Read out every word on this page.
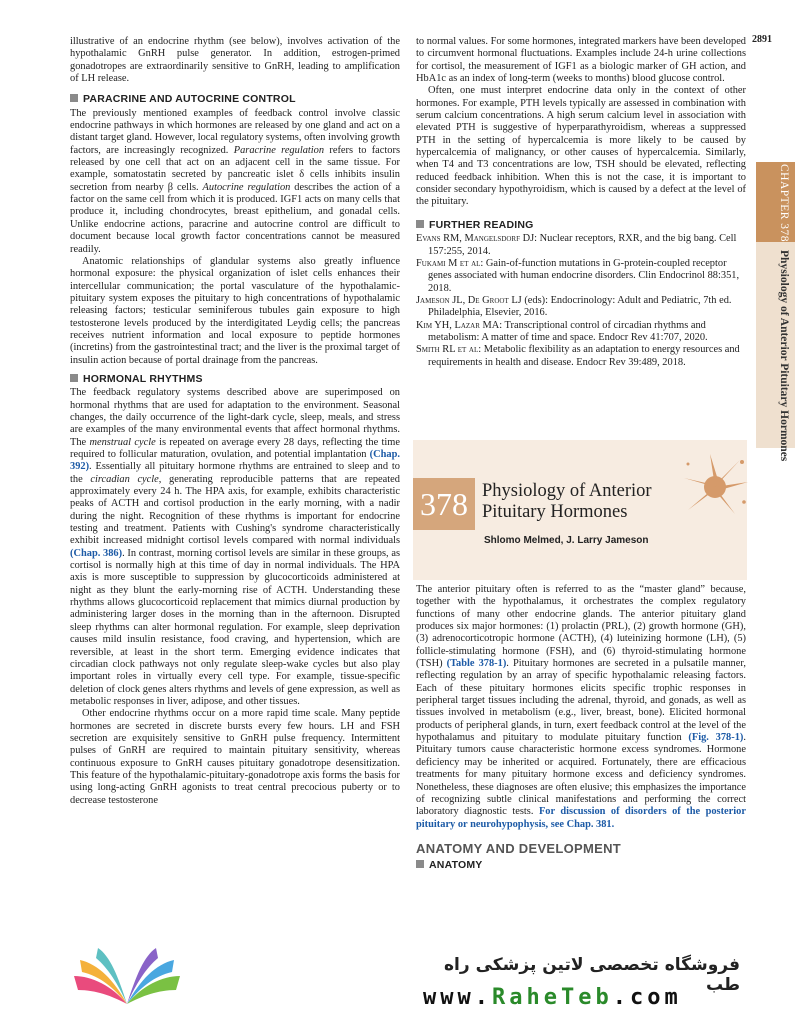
2891

illustrative of an endocrine rhythm (see below), involves activation of the hypothalamic GnRH pulse generator. In addition, estrogen-primed gonadotropes are extraordinarily sensitive to GnRH, leading to amplification of LH release.

PARACRINE AND AUTOCRINE CONTROL

The previously mentioned examples of feedback control involve classic endocrine pathways in which hormones are released by one gland and act on a distant target gland. However, local regulatory systems, often involving growth factors, are increasingly recognized. Paracrine regulation refers to factors released by one cell that act on an adjacent cell in the same tissue. For example, somatostatin secreted by pancreatic islet δ cells inhibits insulin secretion from nearby β cells. Autocrine regulation describes the action of a factor on the same cell from which it is produced. IGF1 acts on many cells that produce it, including chondrocytes, breast epithelium, and gonadal cells. Unlike endocrine actions, paracrine and autocrine control are difficult to document because local growth factor concentrations cannot be measured readily.

Anatomic relationships of glandular systems also greatly influence hormonal exposure: the physical organization of islet cells enhances their intercellular communication; the portal vasculature of the hypothalamic-pituitary system exposes the pituitary to high concentrations of hypothalamic releasing factors; testicular seminiferous tubules gain exposure to high testosterone levels produced by the interdigitated Leydig cells; the pancreas receives nutrient information and local exposure to peptide hormones (incretins) from the gastrointestinal tract; and the liver is the proximal target of insulin action because of portal drainage from the pancreas.

HORMONAL RHYTHMS

The feedback regulatory systems described above are superimposed on hormonal rhythms that are used for adaptation to the environment. Seasonal changes, the daily occurrence of the light-dark cycle, sleep, meals, and stress are examples of the many environmental events that affect hormonal rhythms. The menstrual cycle is repeated on average every 28 days, reflecting the time required to follicular maturation, ovulation, and potential implantation (Chap. 392). Essentially all pituitary hormone rhythms are entrained to sleep and to the circadian cycle, generating reproducible patterns that are repeated approximately every 24 h. The HPA axis, for example, exhibits characteristic peaks of ACTH and cortisol production in the early morning, with a nadir during the night. Recognition of these rhythms is important for endocrine testing and treatment. Patients with Cushing's syndrome characteristically exhibit increased midnight cortisol levels compared with normal individuals (Chap. 386). In contrast, morning cortisol levels are similar in these groups, as cortisol is normally high at this time of day in normal individuals. The HPA axis is more susceptible to suppression by glucocorticoids administered at night as they blunt the early-morning rise of ACTH. Understanding these rhythms allows glucocorticoid replacement that mimics diurnal production by administering larger doses in the morning than in the afternoon. Disrupted sleep rhythms can alter hormonal regulation. For example, sleep deprivation causes mild insulin resistance, food craving, and hypertension, which are reversible, at least in the short term. Emerging evidence indicates that circadian clock pathways not only regulate sleep-wake cycles but also play important roles in virtually every cell type. For example, tissue-specific deletion of clock genes alters rhythms and levels of gene expression, as well as metabolic responses in liver, adipose, and other tissues.

Other endocrine rhythms occur on a more rapid time scale. Many peptide hormones are secreted in discrete bursts every few hours. LH and FSH secretion are exquisitely sensitive to GnRH pulse frequency. Intermittent pulses of GnRH are required to maintain pituitary sensitivity, whereas continuous exposure to GnRH causes pituitary gonadotrope desensitization. This feature of the hypothalamic-pituitary-gonadotrope axis forms the basis for using long-acting GnRH agonists to treat central precocious puberty or to decrease testosterone

to normal values. For some hormones, integrated markers have been developed to circumvent hormonal fluctuations. Examples include 24-h urine collections for cortisol, the measurement of IGF1 as a biologic marker of GH action, and HbA1c as an index of long-term (weeks to months) blood glucose control.

Often, one must interpret endocrine data only in the context of other hormones. For example, PTH levels typically are assessed in combination with serum calcium concentrations. A high serum calcium level in association with elevated PTH is suggestive of hyperparathyroidism, whereas a suppressed PTH in the setting of hypercalcemia is more likely to be caused by hypercalcemia of malignancy, or other causes of hypercalcemia. Similarly, when T4 and T3 concentrations are low, TSH should be elevated, reflecting reduced feedback inhibition. When this is not the case, it is important to consider secondary hypothyroidism, which is caused by a defect at the level of the pituitary.

FURTHER READING

Evans RM, Mangelsdorf DJ: Nuclear receptors, RXR, and the big bang. Cell 157:255, 2014.

Fukami M et al: Gain-of-function mutations in G-protein-coupled receptor genes associated with human endocrine disorders. Clin Endocrinol 88:351, 2018.

Jameson JL, De Groot LJ (eds): Endocrinology: Adult and Pediatric, 7th ed. Philadelphia, Elsevier, 2016.

Kim YH, Lazar MA: Transcriptional control of circadian rhythms and metabolism: A matter of time and space. Endocr Rev 41:707, 2020.

Smith RL et al: Metabolic flexibility as an adaptation to energy resources and requirements in health and disease. Endocr Rev 39:489, 2018.

CHAPTER 378Physiology of Anterior Pituitary Hormones
378 Physiology of Anterior
Pituitary Hormones
Shlomo Melmed, J. Larry Jameson

The anterior pituitary often is referred to as the “master gland” because, together with the hypothalamus, it orchestrates the complex regulatory functions of many other endocrine glands. The anterior pituitary gland produces six major hormones: (1) prolactin (PRL), (2) growth hormone (GH), (3) adrenocorticotropic hormone (ACTH), (4) luteinizing hormone (LH), (5) follicle-stimulating hormone (FSH), and (6) thyroid-stimulating hormone (TSH) (Table 378-1). Pituitary hormones are secreted in a pulsatile manner, reflecting regulation by an array of specific hypothalamic releasing factors. Each of these pituitary hormones elicits specific trophic responses in peripheral target tissues including the adrenal, thyroid, and gonads, as well as tissues involved in metabolism (e.g., liver, breast, bone). Elicited hormonal products of peripheral glands, in turn, exert feedback control at the level of the hypothalamus and pituitary to modulate pituitary function (Fig. 378-1). Pituitary tumors cause characteristic hormone excess syndromes. Hormone deficiency may be inherited or acquired. Fortunately, there are efficacious treatments for many pituitary hormone excess and deficiency syndromes. Nonetheless, these diagnoses are often elusive; this emphasizes the importance of recognizing subtle clinical manifestations and performing the correct laboratory diagnostic tests. For discussion of disorders of the posterior pituitary or neurohypophysis, see Chap. 381.

ANATOMY AND DEVELOPMENT
ANATOMY
فروشگاه تخصصی لاتین پزشکی راه طب
www.RaheTeb.com
